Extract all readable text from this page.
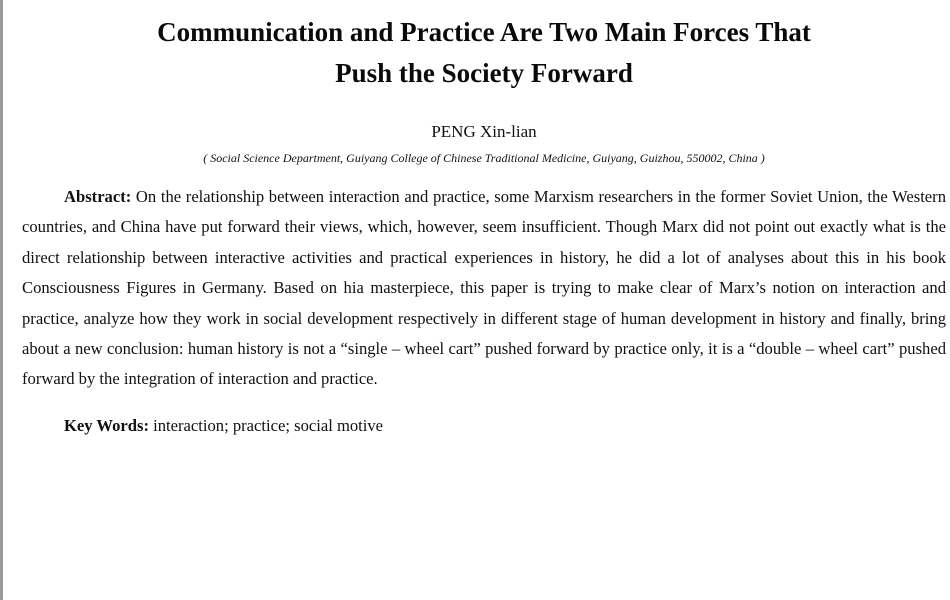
Communication and Practice Are Two Main Forces That
Push the Society Forward
PENG Xin-lian
( Social Science Department, Guiyang College of Chinese Traditional Medicine, Guiyang, Guizhou, 550002, China )

Abstract: On the relationship between interaction and practice, some Marxism researchers in the former Soviet Union, the Western countries, and China have put forward their views, which, however, seem insufficient. Though Marx did not point out exactly what is the direct relationship between interactive activities and practical experiences in history, he did a lot of analyses about this in his book Consciousness Figures in Germany. Based on hia masterpiece, this paper is trying to make clear of Marx’s notion on interaction and practice, analyze how they work in social development respectively in different stage of human development in history and finally, bring about a new conclusion: human history is not a “single – wheel cart” pushed forward by practice only, it is a “double – wheel cart” pushed forward by the integration of interaction and practice.

Key Words: interaction; practice; social motive
